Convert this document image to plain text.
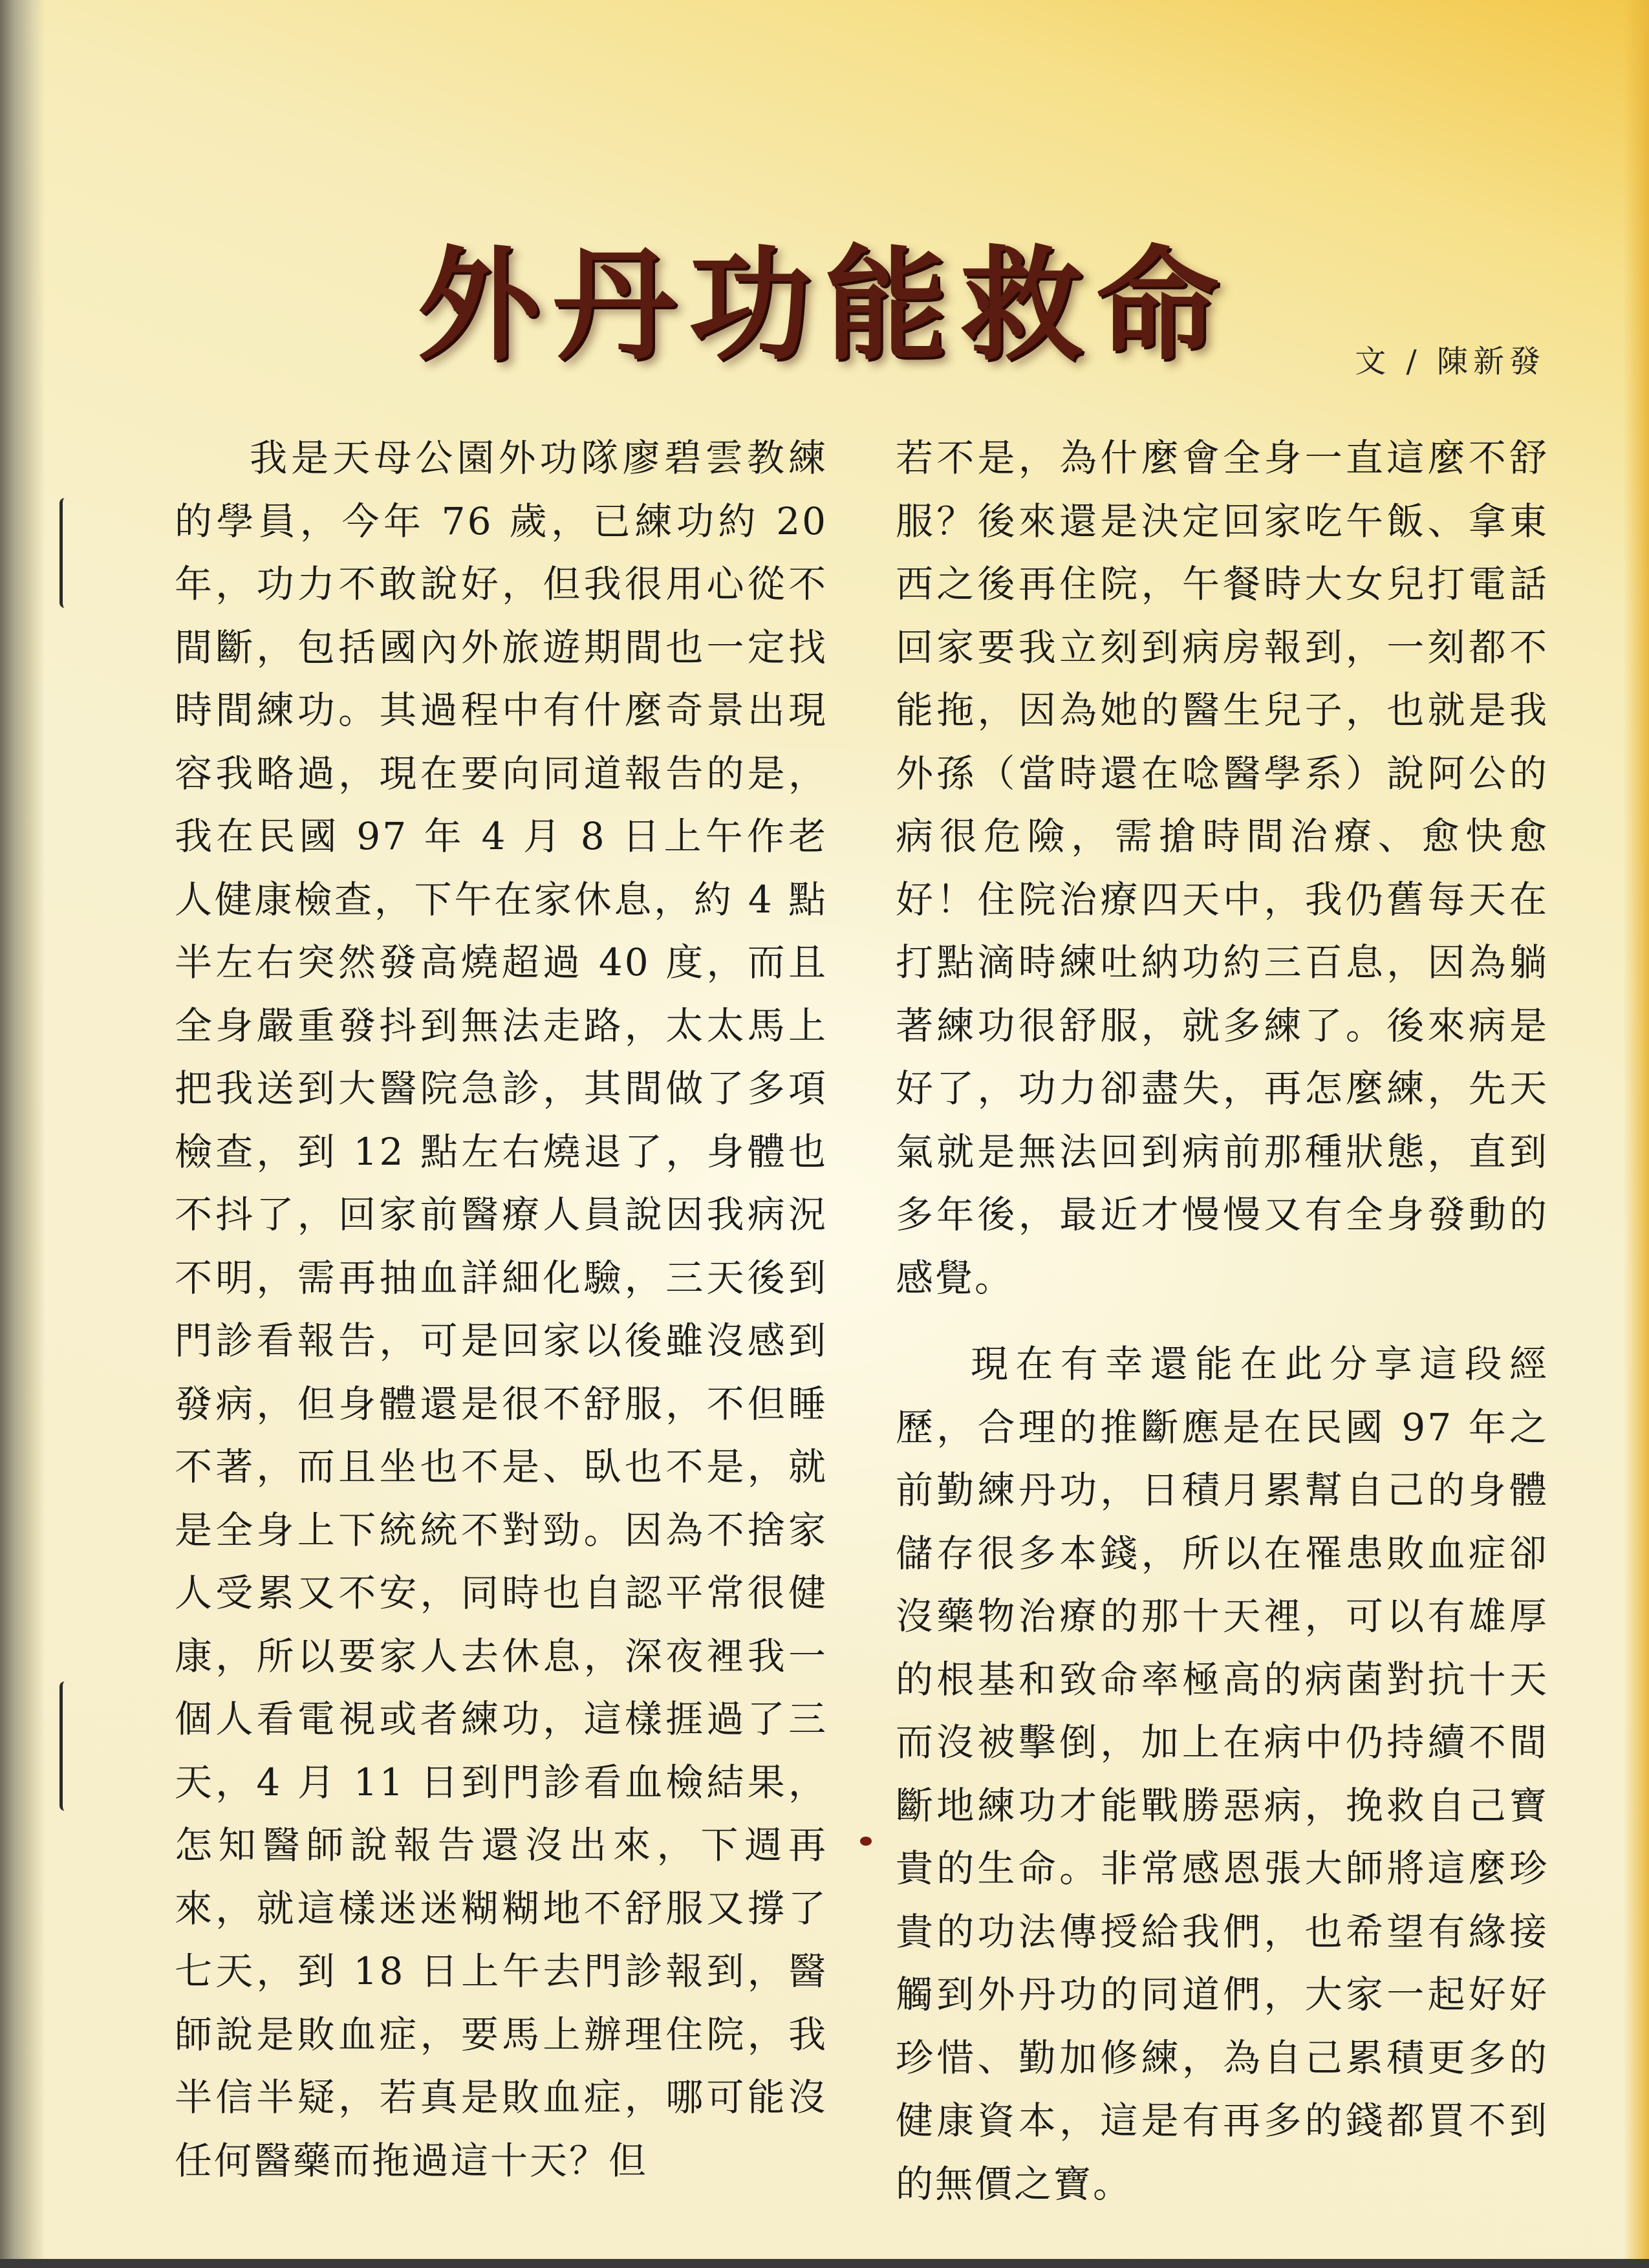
外丹功能救命	文 / 陳新發

我是天母公園外功隊廖碧雲教練的學員，今年 76 歲，已練功約 20 年，功力不敢說好，但我很用心從不間斷，包括國內外旅遊期間也一定找時間練功。其過程中有什麼奇景出現容我略過，現在要向同道報告的是，我在民國 97 年 4 月 8 日上午作老人健康檢查，下午在家休息，約 4 點半左右突然發高燒超過 40 度，而且全身嚴重發抖到無法走路，太太馬上把我送到大醫院急診，其間做了多項檢查，到 12 點左右燒退了，身體也不抖了，回家前醫療人員說因我病況不明，需再抽血詳細化驗，三天後到門診看報告，可是回家以後雖沒感到發病，但身體還是很不舒服，不但睡不著，而且坐也不是、臥也不是，就是全身上下統統不對勁。因為不捨家人受累又不安，同時也自認平常很健康，所以要家人去休息，深夜裡我一個人看電視或者練功，這樣捱過了三天，4 月 11 日到門診看血檢結果，怎知醫師說報告還沒出來，下週再來，就這樣迷迷糊糊地不舒服又撐了七天，到 18 日上午去門診報到，醫師說是敗血症，要馬上辦理住院，我半信半疑，若真是敗血症，哪可能沒任何醫藥而拖過這十天？但

若不是，為什麼會全身一直這麼不舒服？後來還是決定回家吃午飯、拿東西之後再住院，午餐時大女兒打電話回家要我立刻到病房報到，一刻都不能拖，因為她的醫生兒子，也就是我外孫（當時還在唸醫學系）說阿公的病很危險，需搶時間治療、愈快愈好！住院治療四天中，我仍舊每天在打點滴時練吐納功約三百息，因為躺著練功很舒服，就多練了。後來病是好了，功力卻盡失，再怎麼練，先天氣就是無法回到病前那種狀態，直到多年後，最近才慢慢又有全身發動的感覺。

現在有幸還能在此分享這段經歷，合理的推斷應是在民國 97 年之前勤練丹功，日積月累幫自己的身體儲存很多本錢，所以在罹患敗血症卻沒藥物治療的那十天裡，可以有雄厚的根基和致命率極高的病菌對抗十天而沒被擊倒，加上在病中仍持續不間斷地練功才能戰勝惡病，挽救自己寶貴的生命。非常感恩張大師將這麼珍貴的功法傳授給我們，也希望有緣接觸到外丹功的同道們，大家一起好好珍惜、勤加修練，為自己累積更多的健康資本，這是有再多的錢都買不到的無價之寶。
